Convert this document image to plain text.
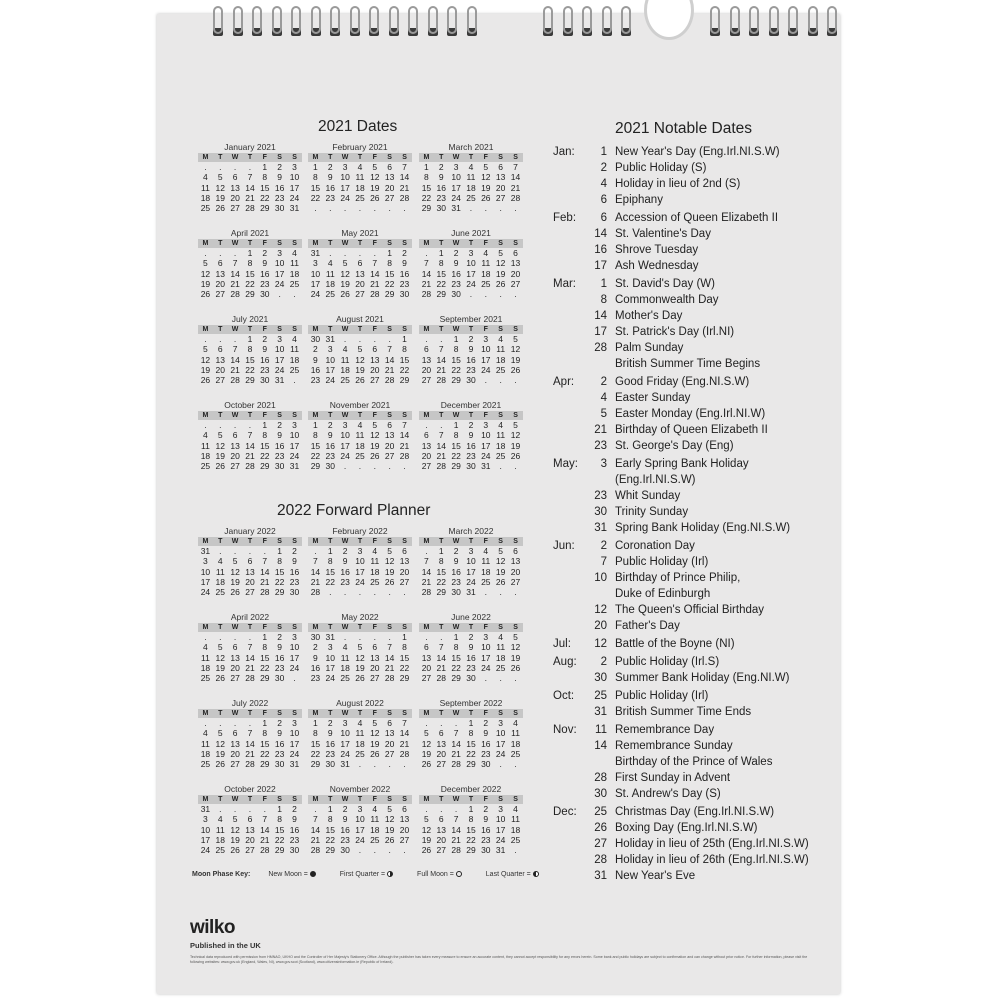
2021 Dates
2022 Forward Planner
2021 Notable Dates
January 2021
M	T	W	T	F	S	S
.	.	.	.	1	2	3
4	5	6	7	8	9	10
11	12	13	14	15	16	17
18	19	20	21	22	23	24
25	26	27	28	29	30	31
February 2021
M	T	W	T	F	S	S
1	2	3	4	5	6	7
8	9	10	11	12	13	14
15	16	17	18	19	20	21
22	23	24	25	26	27	28
.	.	.	.	.	.	.
March 2021
M	T	W	T	F	S	S
1	2	3	4	5	6	7
8	9	10	11	12	13	14
15	16	17	18	19	20	21
22	23	24	25	26	27	28
29	30	31	.	.	.	.
April 2021
M	T	W	T	F	S	S
.	.	.	1	2	3	4
5	6	7	8	9	10	11
12	13	14	15	16	17	18
19	20	21	22	23	24	25
26	27	28	29	30	.	.
May 2021
M	T	W	T	F	S	S
31	.	.	.	.	1	2
3	4	5	6	7	8	9
10	11	12	13	14	15	16
17	18	19	20	21	22	23
24	25	26	27	28	29	30
June 2021
M	T	W	T	F	S	S
.	1	2	3	4	5	6
7	8	9	10	11	12	13
14	15	16	17	18	19	20
21	22	23	24	25	26	27
28	29	30	.	.	.	.
July 2021
M	T	W	T	F	S	S
.	.	.	1	2	3	4
5	6	7	8	9	10	11
12	13	14	15	16	17	18
19	20	21	22	23	24	25
26	27	28	29	30	31	.
August 2021
M	T	W	T	F	S	S
30	31	.	.	.	.	1
2	3	4	5	6	7	8
9	10	11	12	13	14	15
16	17	18	19	20	21	22
23	24	25	26	27	28	29
September 2021
M	T	W	T	F	S	S
.	.	1	2	3	4	5
6	7	8	9	10	11	12
13	14	15	16	17	18	19
20	21	22	23	24	25	26
27	28	29	30	.	.	.
October 2021
M	T	W	T	F	S	S
.	.	.	.	1	2	3
4	5	6	7	8	9	10
11	12	13	14	15	16	17
18	19	20	21	22	23	24
25	26	27	28	29	30	31
November 2021
M	T	W	T	F	S	S
1	2	3	4	5	6	7
8	9	10	11	12	13	14
15	16	17	18	19	20	21
22	23	24	25	26	27	28
29	30	.	.	.	.	.
December 2021
M	T	W	T	F	S	S
.	.	1	2	3	4	5
6	7	8	9	10	11	12
13	14	15	16	17	18	19
20	21	22	23	24	25	26
27	28	29	30	31	.	.
January 2022
M	T	W	T	F	S	S
31	.	.	.	.	1	2
3	4	5	6	7	8	9
10	11	12	13	14	15	16
17	18	19	20	21	22	23
24	25	26	27	28	29	30
February 2022
M	T	W	T	F	S	S
.	1	2	3	4	5	6
7	8	9	10	11	12	13
14	15	16	17	18	19	20
21	22	23	24	25	26	27
28	.	.	.	.	.	.
March 2022
M	T	W	T	F	S	S
.	1	2	3	4	5	6
7	8	9	10	11	12	13
14	15	16	17	18	19	20
21	22	23	24	25	26	27
28	29	30	31	.	.	.
April 2022
M	T	W	T	F	S	S
.	.	.	.	1	2	3
4	5	6	7	8	9	10
11	12	13	14	15	16	17
18	19	20	21	22	23	24
25	26	27	28	29	30	.
May 2022
M	T	W	T	F	S	S
30	31	.	.	.	.	1
2	3	4	5	6	7	8
9	10	11	12	13	14	15
16	17	18	19	20	21	22
23	24	25	26	27	28	29
June 2022
M	T	W	T	F	S	S
.	.	1	2	3	4	5
6	7	8	9	10	11	12
13	14	15	16	17	18	19
20	21	22	23	24	25	26
27	28	29	30	.	.	.
July 2022
M	T	W	T	F	S	S
.	.	.	.	1	2	3
4	5	6	7	8	9	10
11	12	13	14	15	16	17
18	19	20	21	22	23	24
25	26	27	28	29	30	31
August 2022
M	T	W	T	F	S	S
1	2	3	4	5	6	7
8	9	10	11	12	13	14
15	16	17	18	19	20	21
22	23	24	25	26	27	28
29	30	31	.	.	.	.
September 2022
M	T	W	T	F	S	S
.	.	.	1	2	3	4
5	6	7	8	9	10	11
12	13	14	15	16	17	18
19	20	21	22	23	24	25
26	27	28	29	30	.	.
October 2022
M	T	W	T	F	S	S
31	.	.	.	.	1	2
3	4	5	6	7	8	9
10	11	12	13	14	15	16
17	18	19	20	21	22	23
24	25	26	27	28	29	30
November 2022
M	T	W	T	F	S	S
.	1	2	3	4	5	6
7	8	9	10	11	12	13
14	15	16	17	18	19	20
21	22	23	24	25	26	27
28	29	30	.	.	.	.
December 2022
M	T	W	T	F	S	S
.	.	.	1	2	3	4
5	6	7	8	9	10	11
12	13	14	15	16	17	18
19	20	21	22	23	24	25
26	27	28	29	30	31	.
Moon Phase Key:	New Moon =	First Quarter =	Full Moon =	Last Quarter =
Jan:	1 New Year's Day (Eng.Irl.NI.S.W)
2 Public Holiday (S)
4 Holiday in lieu of 2nd (S)
6 Epiphany
Feb:	6 Accession of Queen Elizabeth II
14 St. Valentine's Day
16 Shrove Tuesday
17 Ash Wednesday
Mar:	1 St. David's Day (W)
8 Commonwealth Day
14 Mother's Day
17 St. Patrick's Day (Irl.NI)
28 Palm Sunday
British Summer Time Begins
Apr:	2 Good Friday (Eng.NI.S.W)
4 Easter Sunday
5 Easter Monday (Eng.Irl.NI.W)
21 Birthday of Queen Elizabeth II
23 St. George's Day (Eng)
May:	3 Early Spring Bank Holiday
(Eng.Irl.NI.S.W)
23 Whit Sunday
30 Trinity Sunday
31 Spring Bank Holiday (Eng.NI.S.W)
Jun:	2 Coronation Day
7 Public Holiday (Irl)
10 Birthday of Prince Philip,
Duke of Edinburgh
12 The Queen's Official Birthday
20 Father's Day
Jul:	12 Battle of the Boyne (NI)
Aug:	2 Public Holiday (Irl.S)
30 Summer Bank Holiday (Eng.NI.W)
Oct:	25 Public Holiday (Irl)
31 British Summer Time Ends
Nov:	11 Remembrance Day
14 Remembrance Sunday
Birthday of the Prince of Wales
28 First Sunday in Advent
30 St. Andrew's Day (S)
Dec:	25 Christmas Day (Eng.Irl.NI.S.W)
26 Boxing Day (Eng.Irl.NI.S.W)
27 Holiday in lieu of 25th (Eng.Irl.NI.S.W)
28 Holiday in lieu of 26th (Eng.Irl.NI.S.W)
31 New Year's Eve
wilko
Published in the UK
Technical data reproduced with permission from HMNAO, UKHO and the Controller of Her Majesty's Stationery Office. Although the publisher has taken every measure to ensure an accurate content, they cannot accept responsibility for any errors herein. Some bank and public holidays are subject to confirmation and can change without prior notice. For further information, please visit the following websites: www.gov.uk (England, Wales, NI), www.gov.scot (Scotland), www.citizensinformation.ie (Republic of Ireland).
